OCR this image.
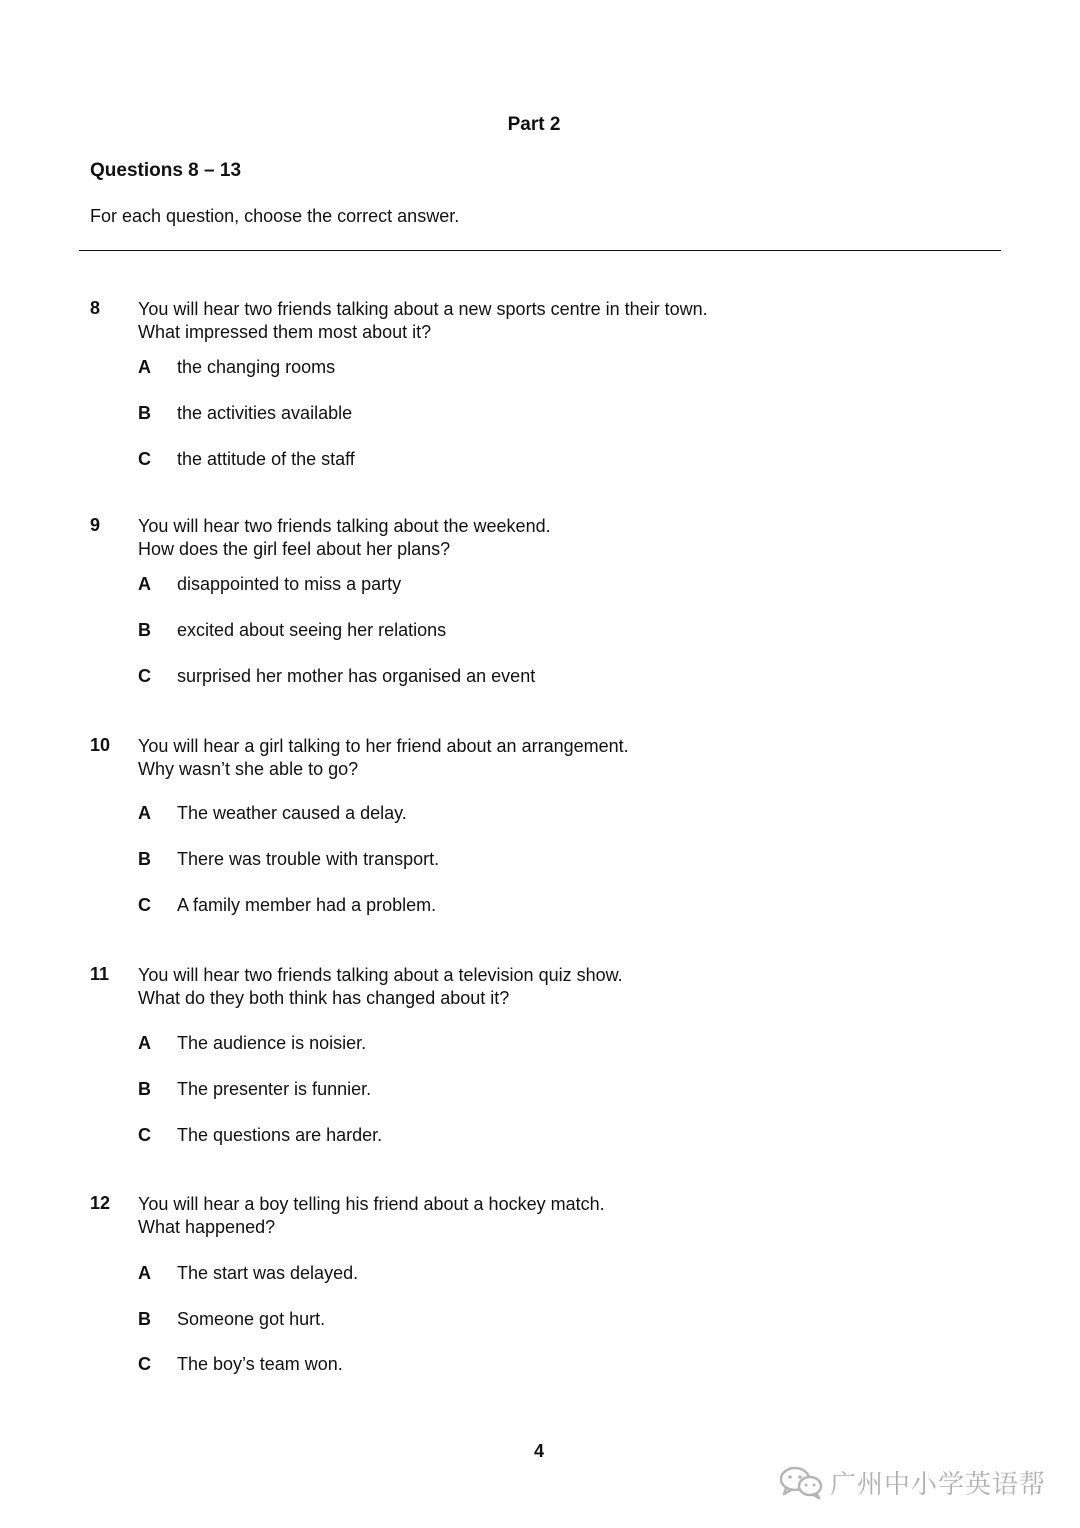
Part 2
Questions 8 – 13
For each question, choose the correct answer.
8 You will hear two friends talking about a new sports centre in their town.
What impressed them most about it?
A the changing rooms
B the activities available
C the attitude of the staff
9 You will hear two friends talking about the weekend.
How does the girl feel about her plans?
A disappointed to miss a party
B excited about seeing her relations
C surprised her mother has organised an event
10 You will hear a girl talking to her friend about an arrangement.
Why wasn’t she able to go?
A The weather caused a delay.
B There was trouble with transport.
C A family member had a problem.
11 You will hear two friends talking about a television quiz show.
What do they both think has changed about it?
A The audience is noisier.
B The presenter is funnier.
C The questions are harder.
12 You will hear a boy telling his friend about a hockey match.
What happened?
A The start was delayed.
B Someone got hurt.
C The boy’s team won.
4
广州中小学英语帮
